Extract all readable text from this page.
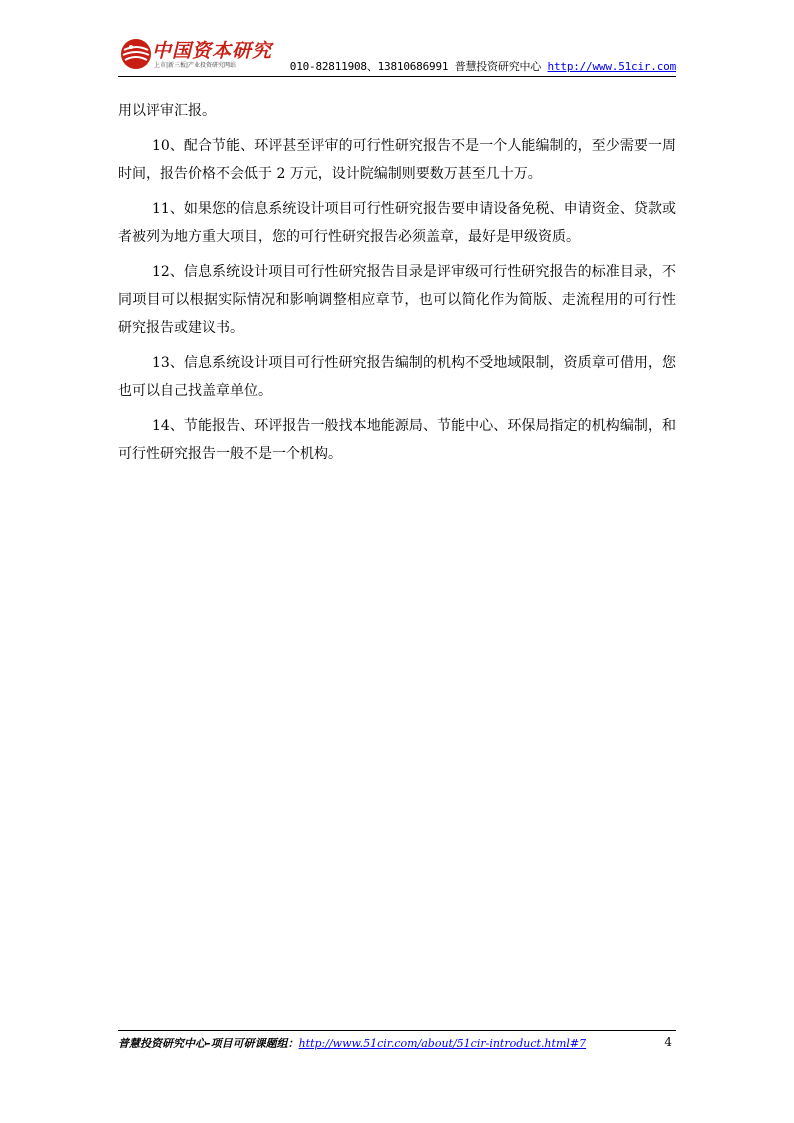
中国资本研究
上市|新三板|产业投资研究网站	010-82811908、13810686991 普慧投资研究中心 http://www.51cir.com

用以评审汇报。

10、配合节能、环评甚至评审的可行性研究报告不是一个人能编制的，至少需要一周时间，报告价格不会低于 2 万元，设计院编制则要数万甚至几十万。

11、如果您的信息系统设计项目可行性研究报告要申请设备免税、申请资金、贷款或者被列为地方重大项目，您的可行性研究报告必须盖章，最好是甲级资质。

12、信息系统设计项目可行性研究报告目录是评审级可行性研究报告的标准目录，不同项目可以根据实际情况和影响调整相应章节，也可以简化作为简版、走流程用的可行性研究报告或建议书。

13、信息系统设计项目可行性研究报告编制的机构不受地域限制，资质章可借用，您也可以自己找盖章单位。

14、节能报告、环评报告一般找本地能源局、节能中心、环保局指定的机构编制，和可行性研究报告一般不是一个机构。

普慧投资研究中心-项目可研课题组：http://www.51cir.com/about/51cir-introduct.html#7	4
